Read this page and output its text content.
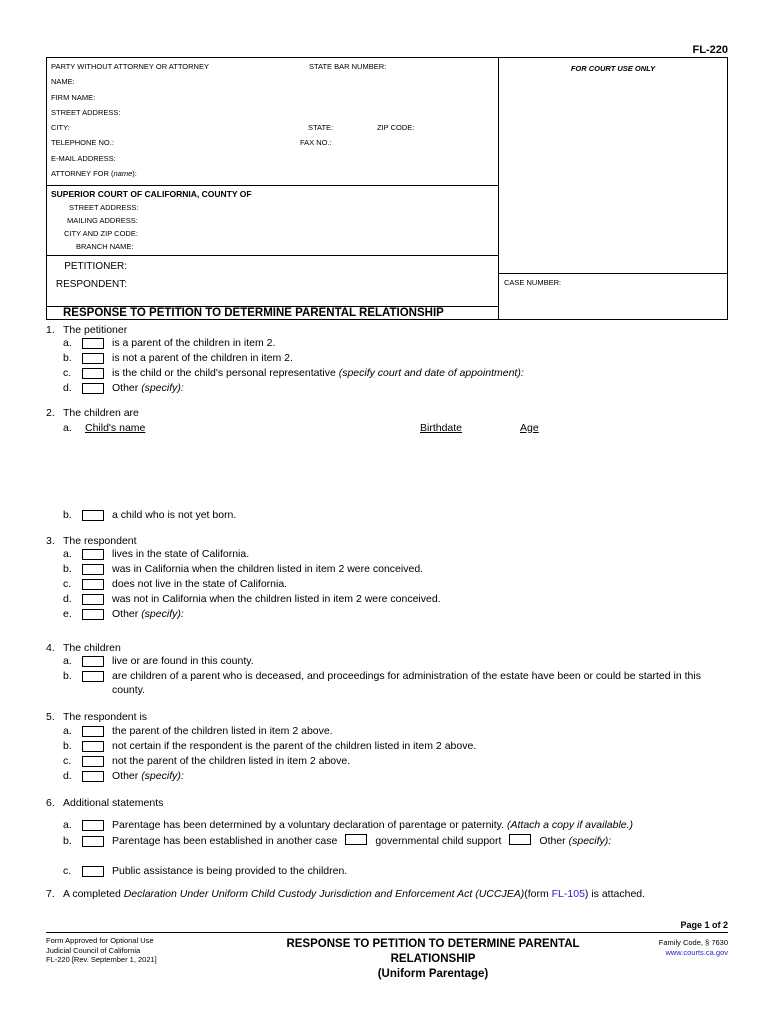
FL-220
PARTY WITHOUT ATTORNEY OR ATTORNEY	STATE BAR NUMBER:
NAME:
FIRM NAME:
STREET ADDRESS:
CITY:	STATE:	ZIP CODE:
TELEPHONE NO.:	FAX NO.:
E-MAIL ADDRESS:
ATTORNEY FOR (name):
SUPERIOR COURT OF CALIFORNIA, COUNTY OF
STREET ADDRESS:
MAILING ADDRESS:
CITY AND ZIP CODE:
BRANCH NAME:
PETITIONER:
RESPONDENT:
RESPONSE TO PETITION TO DETERMINE PARENTAL RELATIONSHIP
FOR COURT USE ONLY
CASE NUMBER:
1. The petitioner
a.	is a parent of the children in item 2.
b.	is not a parent of the children in item 2.
c.	is the child or the child's personal representative (specify court and date of appointment):
d.	Other (specify):
2. The children are
a. Child's name	Birthdate	Age
b.	a child who is not yet born.
3. The respondent
a.	lives in the state of California.
b.	was in California when the children listed in item 2 were conceived.
c.	does not live in the state of California.
d.	was not in California when the children listed in item 2 were conceived.
e.	Other (specify):
4. The children
a.	live or are found in this county.
b.	are children of a parent who is deceased, and proceedings for administration of the estate have been or could be started in this county.
5. The respondent is
a.	the parent of the children listed in item 2 above.
b.	not certain if the respondent is the parent of the children listed in item 2 above.
c.	not the parent of the children listed in item 2 above.
d.	Other (specify):
6. Additional statements
a.	Parentage has been determined by a voluntary declaration of parentage or paternity. (Attach a copy if available.)
b.	Parentage has been established in another case	governmental child support	Other (specify):
c.	Public assistance is being provided to the children.
7. A completed Declaration Under Uniform Child Custody Jurisdiction and Enforcement Act (UCCJEA)(form FL-105) is attached.
Page 1 of 2
Form Approved for Optional Use
Judicial Council of California
FL-220 [Rev. September 1, 2021]
RESPONSE TO PETITION TO DETERMINE PARENTAL RELATIONSHIP
(Uniform Parentage)
Family Code, § 7630
www.courts.ca.gov
